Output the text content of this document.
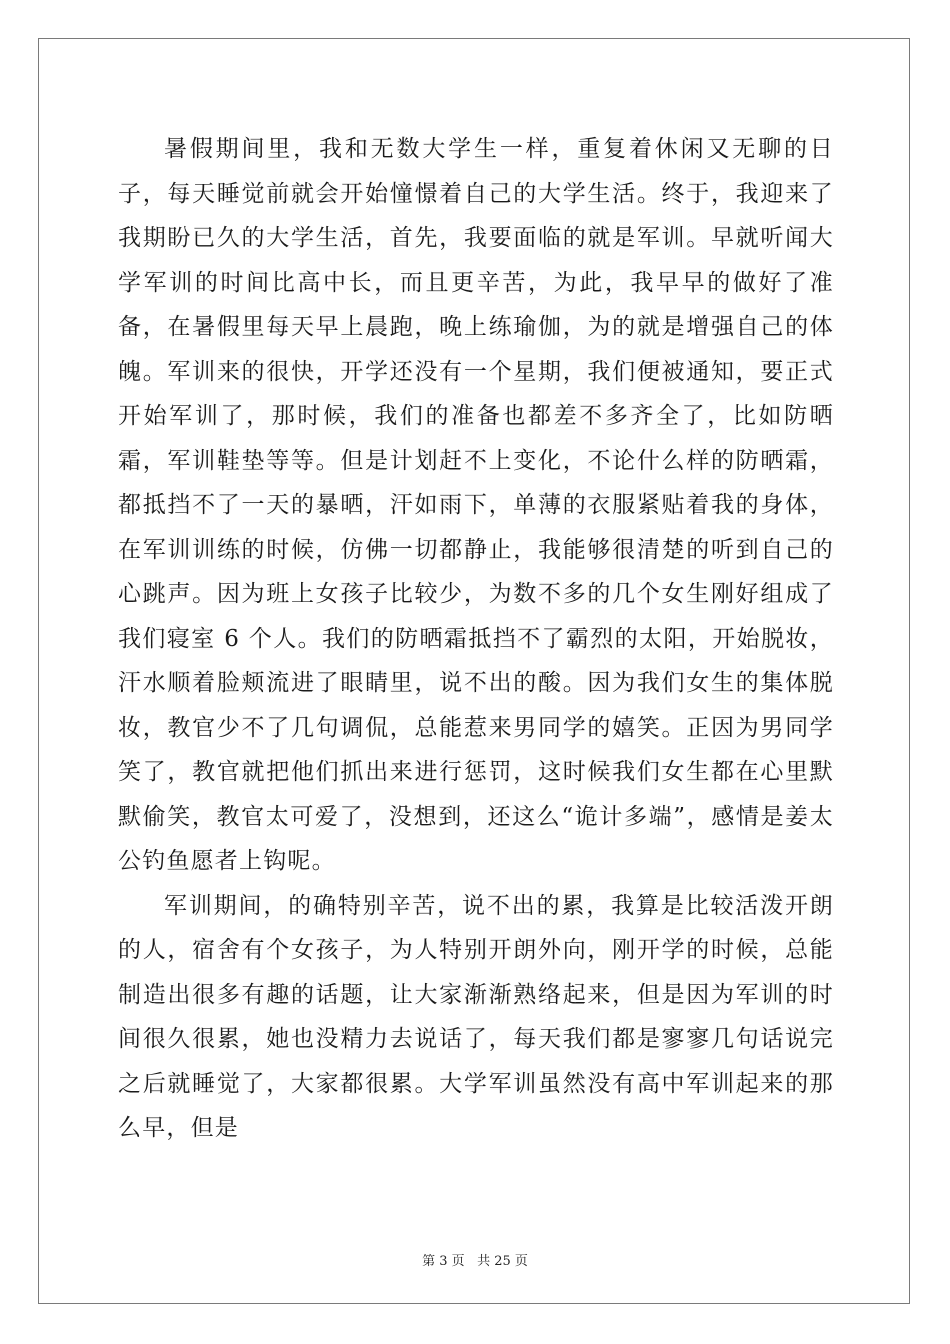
暑假期间里，我和无数大学生一样，重复着休闲又无聊的日子，每天睡觉前就会开始憧憬着自己的大学生活。终于，我迎来了我期盼已久的大学生活，首先，我要面临的就是军训。早就听闻大学军训的时间比高中长，而且更辛苦，为此，我早早的做好了准备，在暑假里每天早上晨跑，晚上练瑜伽，为的就是增强自己的体魄。军训来的很快，开学还没有一个星期，我们便被通知，要正式开始军训了，那时候，我们的准备也都差不多齐全了，比如防晒霜，军训鞋垫等等。但是计划赶不上变化，不论什么样的防晒霜，都抵挡不了一天的暴晒，汗如雨下，单薄的衣服紧贴着我的身体，在军训训练的时候，仿佛一切都静止，我能够很清楚的听到自己的心跳声。因为班上女孩子比较少，为数不多的几个女生刚好组成了我们寝室 6 个人。我们的防晒霜抵挡不了霸烈的太阳，开始脱妆，汗水顺着脸颊流进了眼睛里，说不出的酸。因为我们女生的集体脱妆，教官少不了几句调侃，总能惹来男同学的嬉笑。正因为男同学笑了，教官就把他们抓出来进行惩罚，这时候我们女生都在心里默默偷笑，教官太可爱了，没想到，还这么“诡计多端”，感情是姜太公钓鱼愿者上钩呢。

军训期间，的确特别辛苦，说不出的累，我算是比较活泼开朗的人，宿舍有个女孩子，为人特别开朗外向，刚开学的时候，总能制造出很多有趣的话题，让大家渐渐熟络起来，但是因为军训的时间很久很累，她也没精力去说话了，每天我们都是寥寥几句话说完之后就睡觉了，大家都很累。大学军训虽然没有高中军训起来的那么早，但是

第 3 页 共 25 页
